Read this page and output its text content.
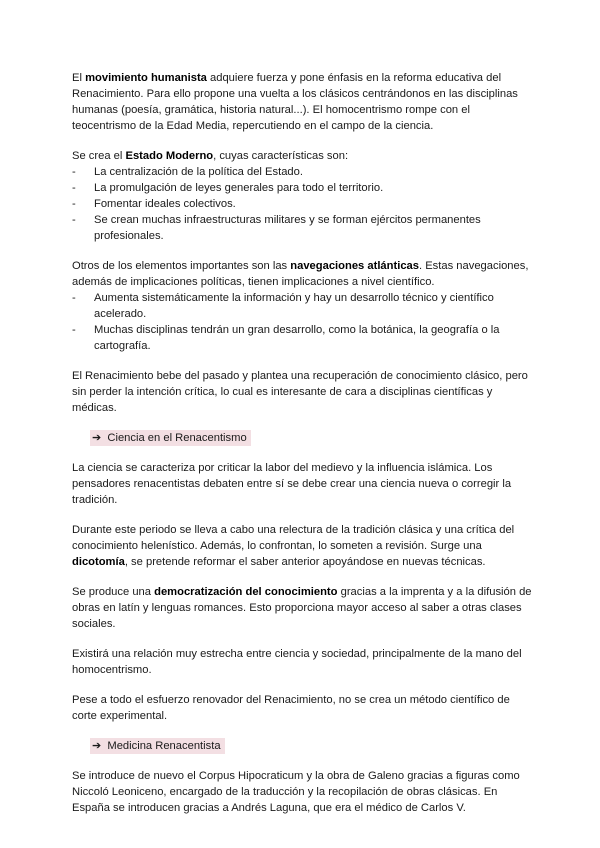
El movimiento humanista adquiere fuerza y pone énfasis en la reforma educativa del Renacimiento. Para ello propone una vuelta a los clásicos centrándonos en las disciplinas humanas (poesía, gramática, historia natural...). El homocentrismo rompe con el teocentrismo de la Edad Media, repercutiendo en el campo de la ciencia.

Se crea el Estado Moderno, cuyas características son:

- La centralización de la política del Estado.
- La promulgación de leyes generales para todo el territorio.
- Fomentar ideales colectivos.
- Se crean muchas infraestructuras militares y se forman ejércitos permanentes profesionales.

Otros de los elementos importantes son las navegaciones atlánticas. Estas navegaciones, además de implicaciones políticas, tienen implicaciones a nivel científico.

- Aumenta sistemáticamente la información y hay un desarrollo técnico y científico acelerado.
- Muchas disciplinas tendrán un gran desarrollo, como la botánica, la geografía o la cartografía.

El Renacimiento bebe del pasado y plantea una recuperación de conocimiento clásico, pero sin perder la intención crítica, lo cual es interesante de cara a disciplinas científicas y médicas.

➔ Ciencia en el Renacentismo

La ciencia se caracteriza por criticar la labor del medievo y la influencia islámica. Los pensadores renacentistas debaten entre sí se debe crear una ciencia nueva o corregir la tradición.

Durante este periodo se lleva a cabo una relectura de la tradición clásica y una crítica del conocimiento helenístico. Además, lo confrontan, lo someten a revisión. Surge una dicotomía, se pretende reformar el saber anterior apoyándose en nuevas técnicas.

Se produce una democratización del conocimiento gracias a la imprenta y a la difusión de obras en latín y lenguas romances. Esto proporciona mayor acceso al saber a otras clases sociales.

Existirá una relación muy estrecha entre ciencia y sociedad, principalmente de la mano del homocentrismo.

Pese a todo el esfuerzo renovador del Renacimiento, no se crea un método científico de corte experimental.

➔ Medicina Renacentista

Se introduce de nuevo el Corpus Hipocraticum y la obra de Galeno gracias a figuras como Niccoló Leoniceno, encargado de la traducción y la recopilación de obras clásicas. En España se introducen gracias a Andrés Laguna, que era el médico de Carlos V.
